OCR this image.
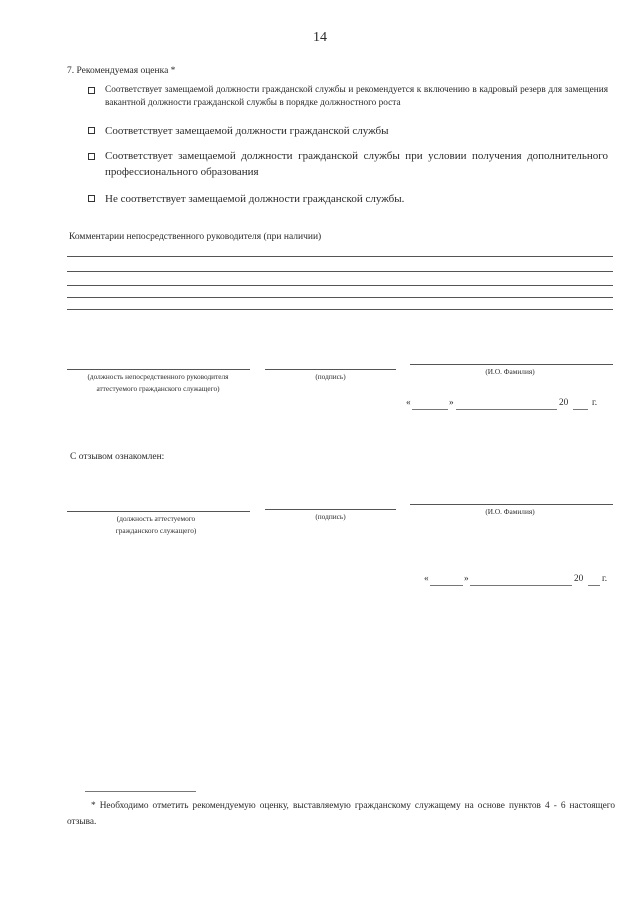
14
7. Рекомендуемая оценка *
Соответствует замещаемой должности гражданской службы и рекомендуется к включению в кадровый резерв для замещения вакантной должности гражданской службы в порядке должностного роста
Соответствует замещаемой должности гражданской службы
Соответствует замещаемой должности гражданской службы при условии получения дополнительного профессионального образования
Не соответствует замещаемой должности гражданской службы.
Комментарии непосредственного руководителя (при наличии)
(должность непосредственного руководителя аттестуемого гражданского служащего)
(подпись)
(И.О. Фамилия)
«	»	20	г.
С отзывом ознакомлен:
(должность аттестуемого гражданского служащего)
(подпись)
(И.О. Фамилия)
«	»	20 г.
* Необходимо отметить рекомендуемую оценку, выставляемую гражданскому служащему на основе пунктов 4 - 6 настоящего отзыва.
